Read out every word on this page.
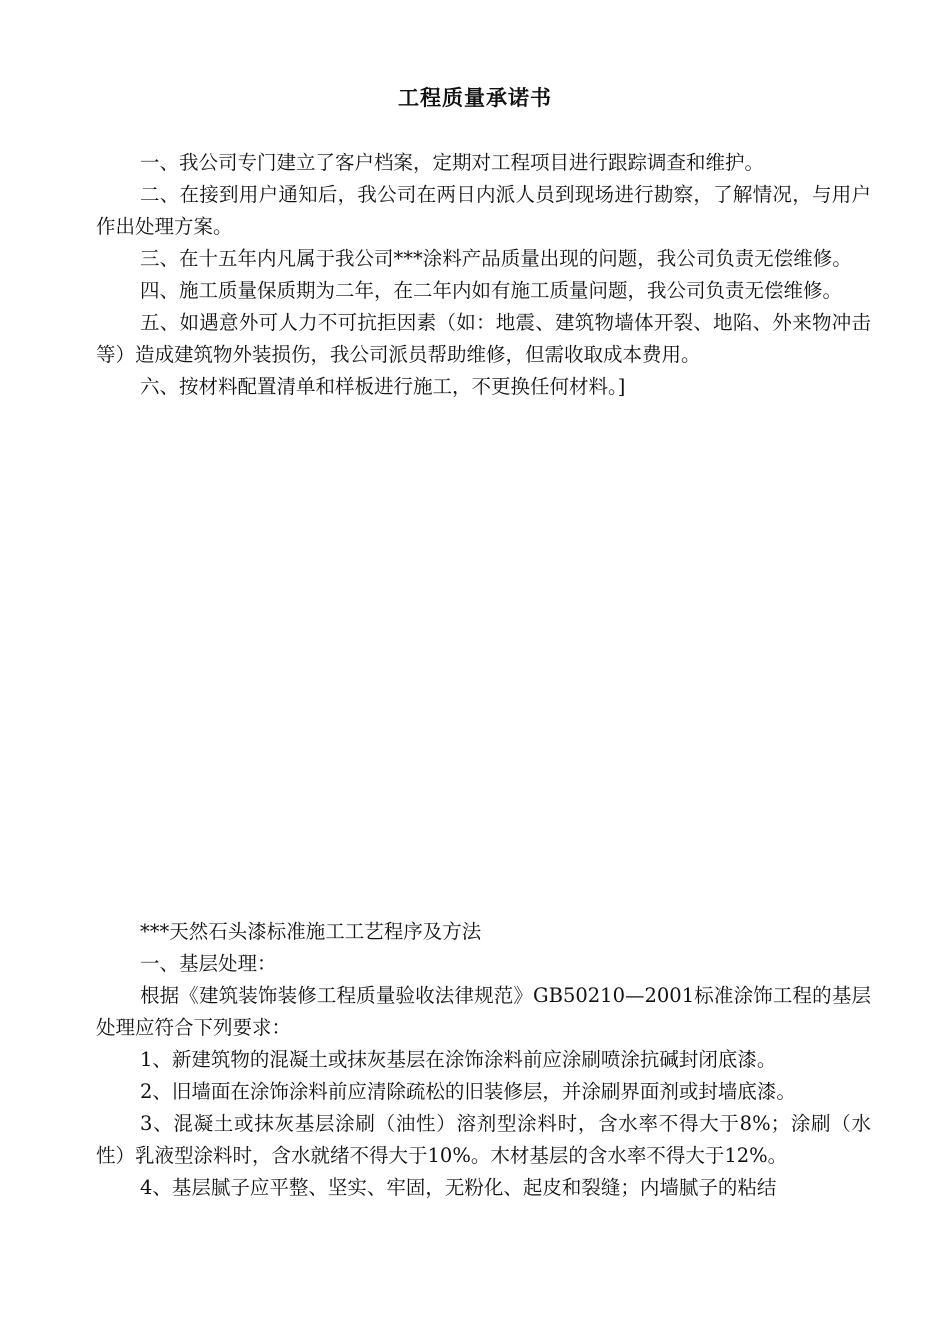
工程质量承诺书

一、我公司专门建立了客户档案，定期对工程项目进行跟踪调查和维护。

二、在接到用户通知后，我公司在两日内派人员到现场进行勘察，了解情况，与用户作出处理方案。

三、在十五年内凡属于我公司***涂料产品质量出现的问题，我公司负责无偿维修。

四、施工质量保质期为二年，在二年内如有施工质量问题，我公司负责无偿维修。

五、如遇意外可人力不可抗拒因素（如：地震、建筑物墙体开裂、地陷、外来物冲击等）造成建筑物外装损伤，我公司派员帮助维修，但需收取成本费用。

六、按材料配置清单和样板进行施工，不更换任何材料。]

***天然石头漆标准施工工艺程序及方法

一、基层处理：

根据《建筑装饰装修工程质量验收法律规范》GB50210—2001标准涂饰工程的基层处理应符合下列要求：

1、新建筑物的混凝土或抹灰基层在涂饰涂料前应涂刷喷涂抗碱封闭底漆。

2、旧墙面在涂饰涂料前应清除疏松的旧装修层，并涂刷界面剂或封墙底漆。

3、混凝土或抹灰基层涂刷（油性）溶剂型涂料时，含水率不得大于8%；涂刷（水性）乳液型涂料时，含水就绪不得大于10%。木材基层的含水率不得大于12%。

4、基层腻子应平整、坚实、牢固，无粉化、起皮和裂缝；内墙腻子的粘结
